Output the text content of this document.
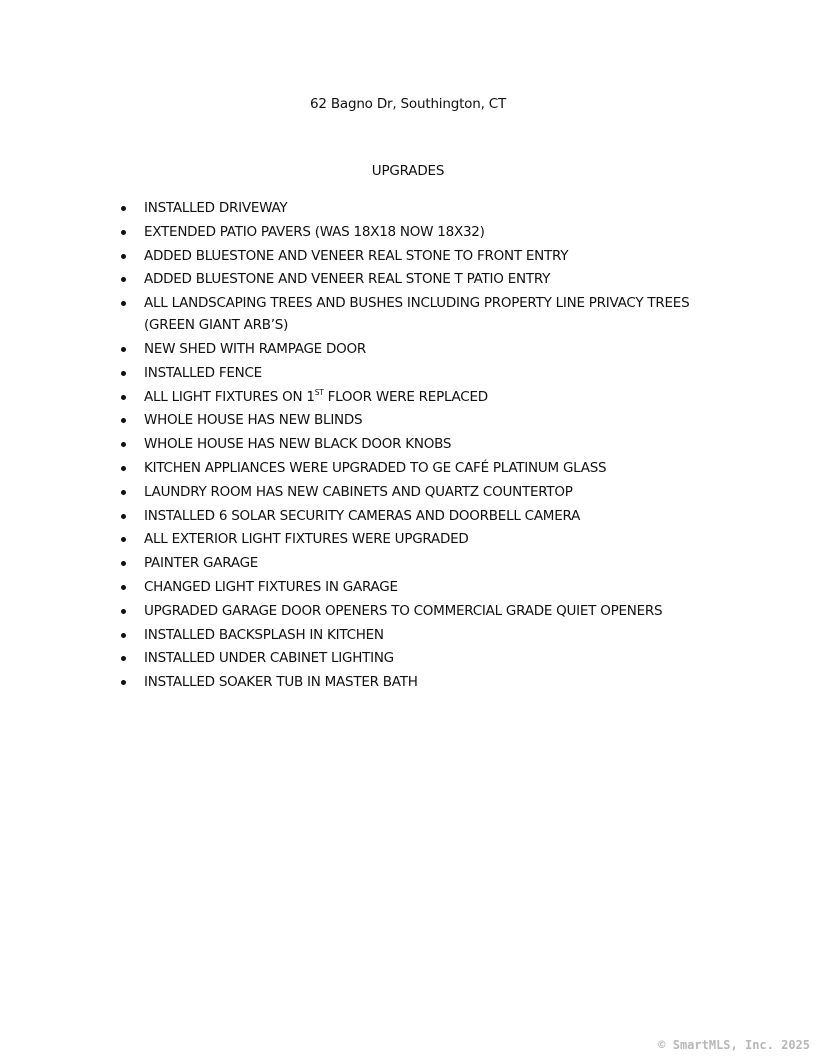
62 Bagno Dr, Southington, CT
UPGRADES
INSTALLED DRIVEWAY
EXTENDED PATIO PAVERS (WAS 18X18 NOW 18X32)
ADDED BLUESTONE AND VENEER REAL STONE TO FRONT ENTRY
ADDED BLUESTONE AND VENEER REAL STONE T PATIO ENTRY
ALL LANDSCAPING TREES AND BUSHES INCLUDING PROPERTY LINE PRIVACY TREES (GREEN GIANT ARB’S)
NEW SHED WITH RAMPAGE DOOR
INSTALLED FENCE
ALL LIGHT FIXTURES ON 1ST FLOOR WERE REPLACED
WHOLE HOUSE HAS NEW BLINDS
WHOLE HOUSE HAS NEW BLACK DOOR KNOBS
KITCHEN APPLIANCES WERE UPGRADED TO GE CAFÉ PLATINUM GLASS
LAUNDRY ROOM HAS NEW CABINETS AND QUARTZ COUNTERTOP
INSTALLED 6 SOLAR SECURITY CAMERAS AND DOORBELL CAMERA
ALL EXTERIOR LIGHT FIXTURES WERE UPGRADED
PAINTER GARAGE
CHANGED LIGHT FIXTURES IN GARAGE
UPGRADED GARAGE DOOR OPENERS TO COMMERCIAL GRADE QUIET OPENERS
INSTALLED BACKSPLASH IN KITCHEN
INSTALLED UNDER CABINET LIGHTING
INSTALLED SOAKER TUB IN MASTER BATH
© SmartMLS, Inc. 2025
